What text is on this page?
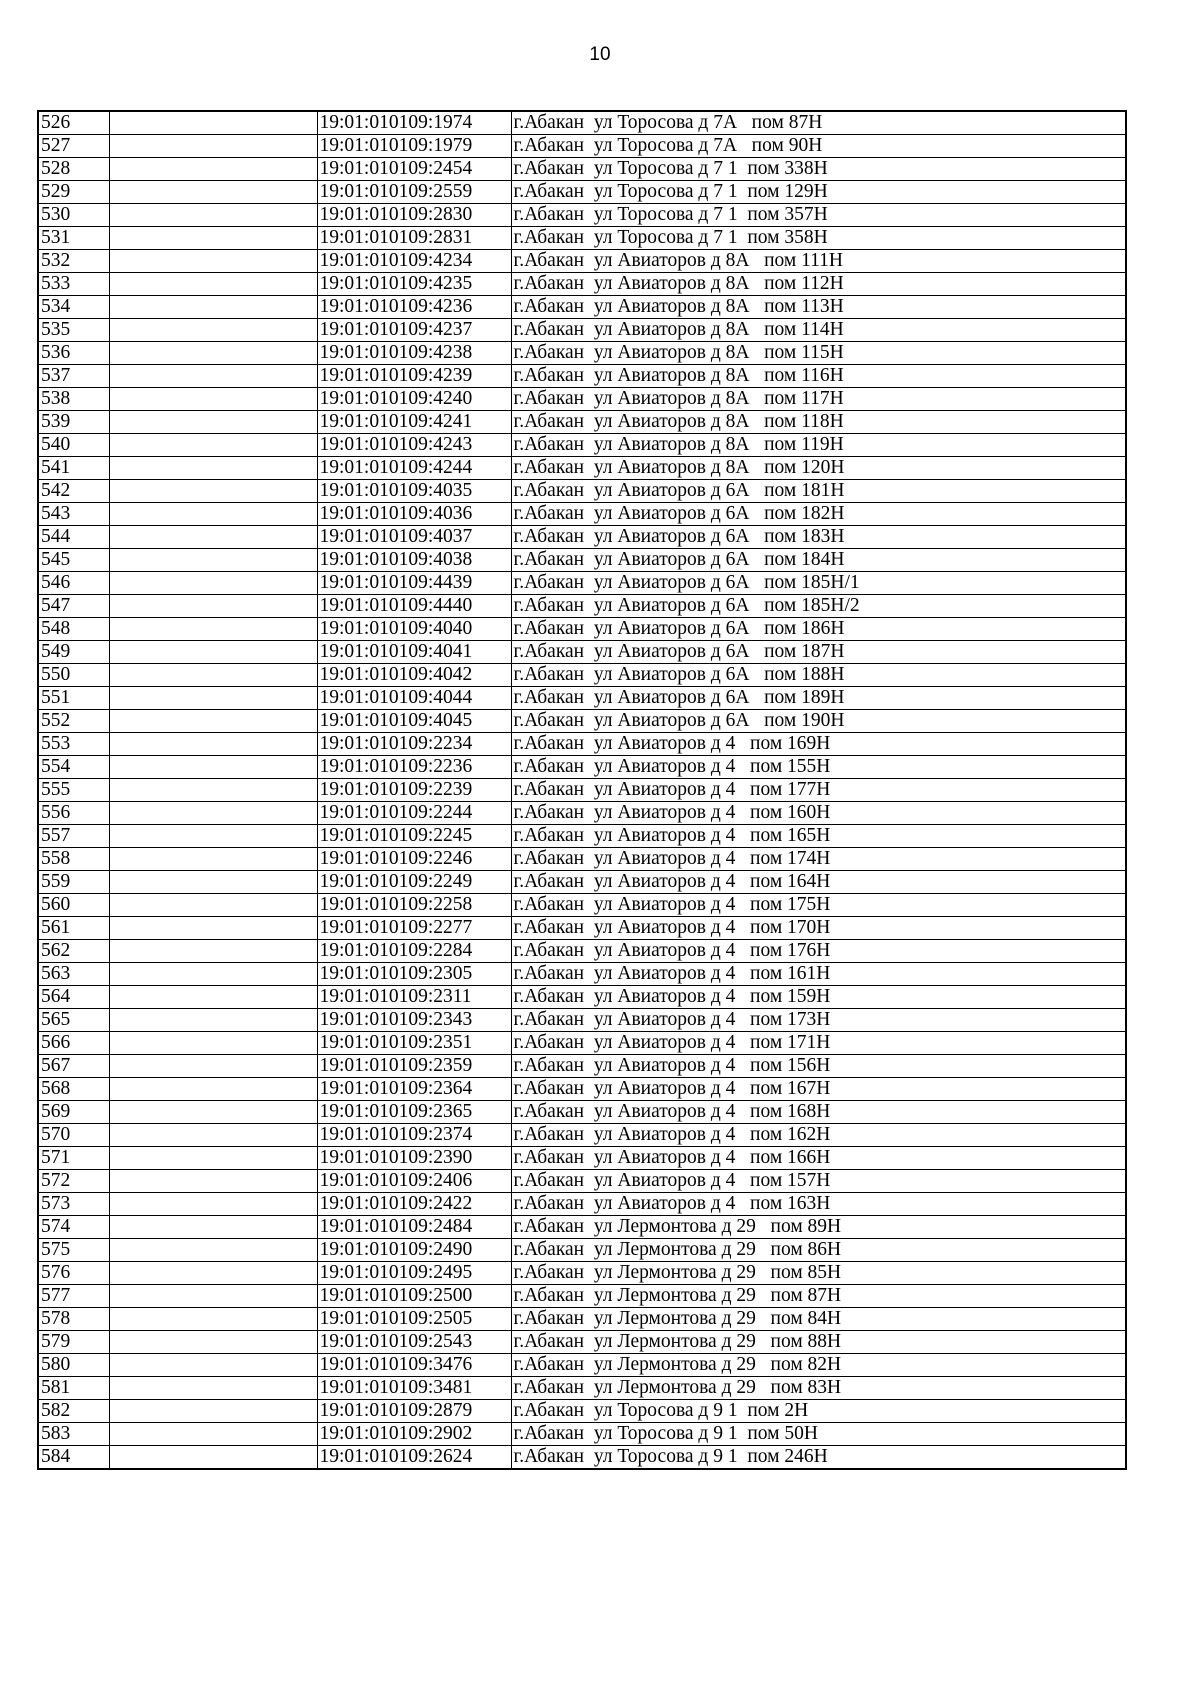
10
526		19:01:010109:1974	г.Абакан  ул Торосова д 7А   пом 87Н
527		19:01:010109:1979	г.Абакан  ул Торосова д 7А   пом 90Н
528		19:01:010109:2454	г.Абакан  ул Торосова д 7 1  пом 338Н
529		19:01:010109:2559	г.Абакан  ул Торосова д 7 1  пом 129Н
530		19:01:010109:2830	г.Абакан  ул Торосова д 7 1  пом 357Н
531		19:01:010109:2831	г.Абакан  ул Торосова д 7 1  пом 358Н
532		19:01:010109:4234	г.Абакан  ул Авиаторов д 8А   пом 111Н
533		19:01:010109:4235	г.Абакан  ул Авиаторов д 8А   пом 112Н
534		19:01:010109:4236	г.Абакан  ул Авиаторов д 8А   пом 113Н
535		19:01:010109:4237	г.Абакан  ул Авиаторов д 8А   пом 114Н
536		19:01:010109:4238	г.Абакан  ул Авиаторов д 8А   пом 115Н
537		19:01:010109:4239	г.Абакан  ул Авиаторов д 8А   пом 116Н
538		19:01:010109:4240	г.Абакан  ул Авиаторов д 8А   пом 117Н
539		19:01:010109:4241	г.Абакан  ул Авиаторов д 8А   пом 118Н
540		19:01:010109:4243	г.Абакан  ул Авиаторов д 8А   пом 119Н
541		19:01:010109:4244	г.Абакан  ул Авиаторов д 8А   пом 120Н
542		19:01:010109:4035	г.Абакан  ул Авиаторов д 6А   пом 181Н
543		19:01:010109:4036	г.Абакан  ул Авиаторов д 6А   пом 182Н
544		19:01:010109:4037	г.Абакан  ул Авиаторов д 6А   пом 183Н
545		19:01:010109:4038	г.Абакан  ул Авиаторов д 6А   пом 184Н
546		19:01:010109:4439	г.Абакан  ул Авиаторов д 6А   пом 185Н/1
547		19:01:010109:4440	г.Абакан  ул Авиаторов д 6А   пом 185Н/2
548		19:01:010109:4040	г.Абакан  ул Авиаторов д 6А   пом 186Н
549		19:01:010109:4041	г.Абакан  ул Авиаторов д 6А   пом 187Н
550		19:01:010109:4042	г.Абакан  ул Авиаторов д 6А   пом 188Н
551		19:01:010109:4044	г.Абакан  ул Авиаторов д 6А   пом 189Н
552		19:01:010109:4045	г.Абакан  ул Авиаторов д 6А   пом 190Н
553		19:01:010109:2234	г.Абакан  ул Авиаторов д 4   пом 169Н
554		19:01:010109:2236	г.Абакан  ул Авиаторов д 4   пом 155Н
555		19:01:010109:2239	г.Абакан  ул Авиаторов д 4   пом 177Н
556		19:01:010109:2244	г.Абакан  ул Авиаторов д 4   пом 160Н
557		19:01:010109:2245	г.Абакан  ул Авиаторов д 4   пом 165Н
558		19:01:010109:2246	г.Абакан  ул Авиаторов д 4   пом 174Н
559		19:01:010109:2249	г.Абакан  ул Авиаторов д 4   пом 164Н
560		19:01:010109:2258	г.Абакан  ул Авиаторов д 4   пом 175Н
561		19:01:010109:2277	г.Абакан  ул Авиаторов д 4   пом 170Н
562		19:01:010109:2284	г.Абакан  ул Авиаторов д 4   пом 176Н
563		19:01:010109:2305	г.Абакан  ул Авиаторов д 4   пом 161Н
564		19:01:010109:2311	г.Абакан  ул Авиаторов д 4   пом 159Н
565		19:01:010109:2343	г.Абакан  ул Авиаторов д 4   пом 173Н
566		19:01:010109:2351	г.Абакан  ул Авиаторов д 4   пом 171Н
567		19:01:010109:2359	г.Абакан  ул Авиаторов д 4   пом 156Н
568		19:01:010109:2364	г.Абакан  ул Авиаторов д 4   пом 167Н
569		19:01:010109:2365	г.Абакан  ул Авиаторов д 4   пом 168Н
570		19:01:010109:2374	г.Абакан  ул Авиаторов д 4   пом 162Н
571		19:01:010109:2390	г.Абакан  ул Авиаторов д 4   пом 166Н
572		19:01:010109:2406	г.Абакан  ул Авиаторов д 4   пом 157Н
573		19:01:010109:2422	г.Абакан  ул Авиаторов д 4   пом 163Н
574		19:01:010109:2484	г.Абакан  ул Лермонтова д 29   пом 89Н
575		19:01:010109:2490	г.Абакан  ул Лермонтова д 29   пом 86Н
576		19:01:010109:2495	г.Абакан  ул Лермонтова д 29   пом 85Н
577		19:01:010109:2500	г.Абакан  ул Лермонтова д 29   пом 87Н
578		19:01:010109:2505	г.Абакан  ул Лермонтова д 29   пом 84Н
579		19:01:010109:2543	г.Абакан  ул Лермонтова д 29   пом 88Н
580		19:01:010109:3476	г.Абакан  ул Лермонтова д 29   пом 82Н
581		19:01:010109:3481	г.Абакан  ул Лермонтова д 29   пом 83Н
582		19:01:010109:2879	г.Абакан  ул Торосова д 9 1  пом 2Н
583		19:01:010109:2902	г.Абакан  ул Торосова д 9 1  пом 50Н
584		19:01:010109:2624	г.Абакан  ул Торосова д 9 1  пом 246Н
